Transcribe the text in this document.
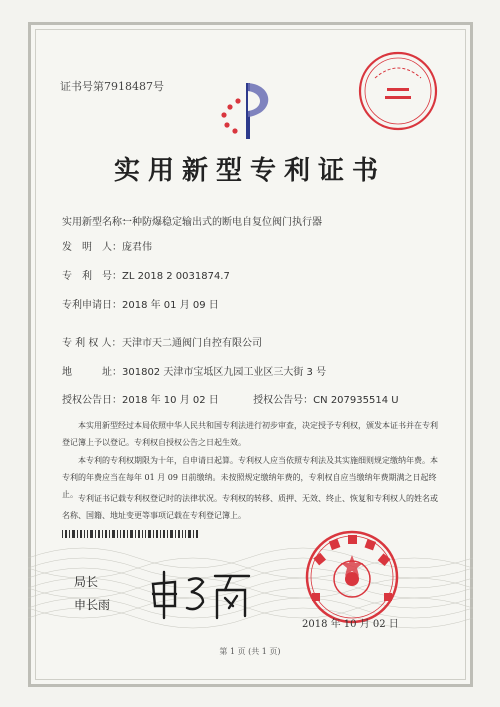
证书号第7918487号
实用新型专利证书
实用新型名称：一种防爆稳定输出式的断电自复位阀门执行器
发　明　人：庞君伟
专　利　号：ZL 2018 2 0031874.7
专利申请日：2018 年 01 月 09 日
专 利 权 人：天津市天二通阀门自控有限公司
地　　　址：301802 天津市宝坻区九园工业区三大街 3 号
授权公告日：2018 年 10 月 02 日	授权公告号：CN 207935514 U
本实用新型经过本局依照中华人民共和国专利法进行初步审查，决定授予专利权，颁发本证书并在专利登记簿上予以登记。专利权自授权公告之日起生效。
本专利的专利权期限为十年，自申请日起算。专利权人应当依照专利法及其实施细则规定缴纳年费。本专利的年费应当在每年 01 月 09 日前缴纳。未按照规定缴纳年费的，专利权自应当缴纳年费期满之日起终止。 专利证书记载专利权登记时的法律状况。专利权的转移、质押、无效、终止、恢复和专利权人的姓名或名称、国籍、地址变更等事项记载在专利登记簿上。
局长
申长雨
2018 年 10 月 02 日
第 1 页 (共 1 页)
